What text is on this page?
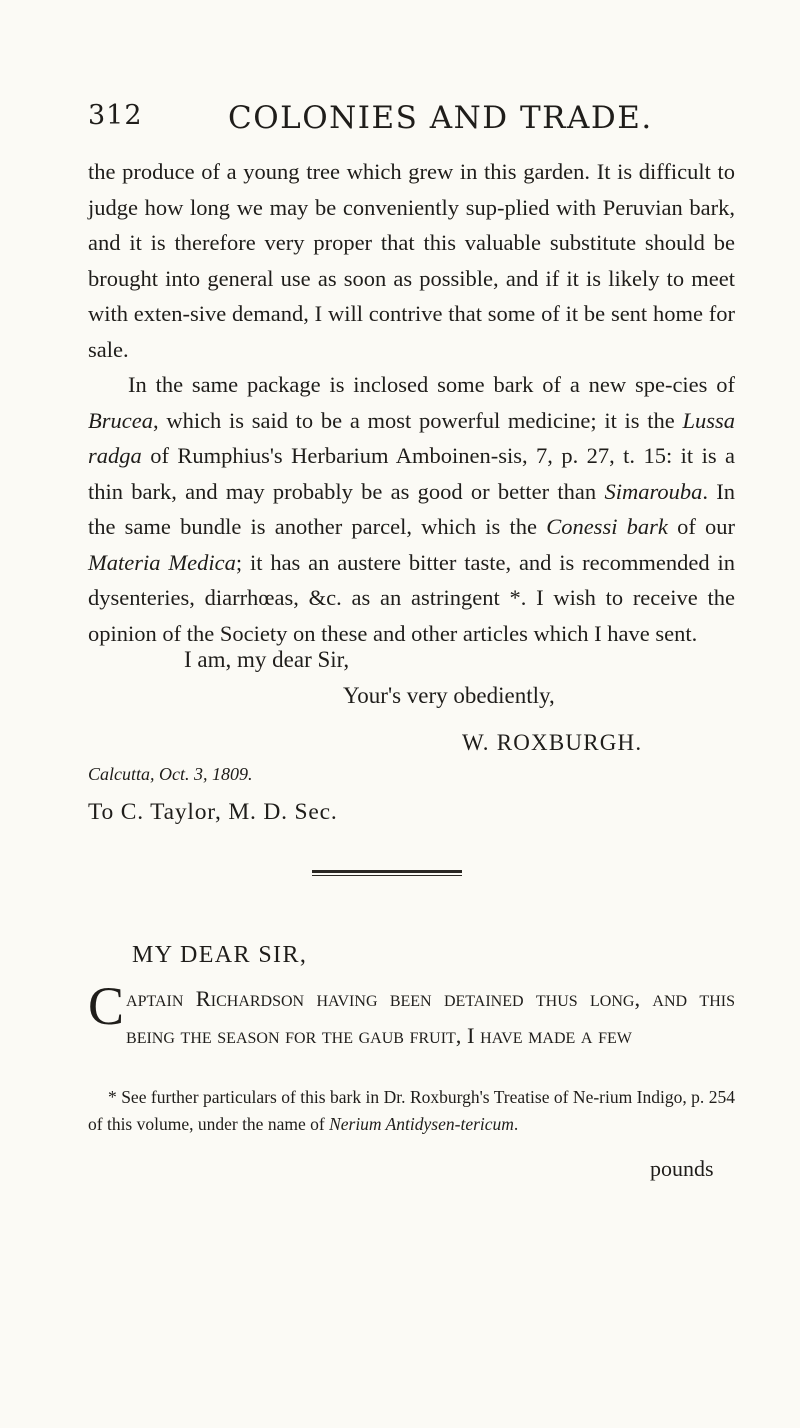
312	COLONIES AND TRADE.

the produce of a young tree which grew in this garden. It is difficult to judge how long we may be conveniently sup-plied with Peruvian bark, and it is therefore very proper that this valuable substitute should be brought into general use as soon as possible, and if it is likely to meet with exten-sive demand, I will contrive that some of it be sent home for sale.

In the same package is inclosed some bark of a new spe-cies of Brucea, which is said to be a most powerful medicine; it is the Lussa radga of Rumphius's Herbarium Amboinen-sis, 7, p. 27, t. 15: it is a thin bark, and may probably be as good or better than Simarouba. In the same bundle is another parcel, which is the Conessi bark of our Materia Medica; it has an austere bitter taste, and is recommended in dysenteries, diarrhœas, &c. as an astringent *. I wish to receive the opinion of the Society on these and other articles which I have sent.

I am, my dear Sir,
Your's very obediently,
W. ROXBURGH.
Calcutta, Oct. 3, 1809.
To C. Taylor, M. D. Sec.
MY DEAR SIR,

Captain Richardson having been detained thus long, and this being the season for the gaub fruit, I have made a few

* See further particulars of this bark in Dr. Roxburgh's Treatise of Ne-rium Indigo, p. 254 of this volume, under the name of Nerium Antidysen-tericum.

pounds
